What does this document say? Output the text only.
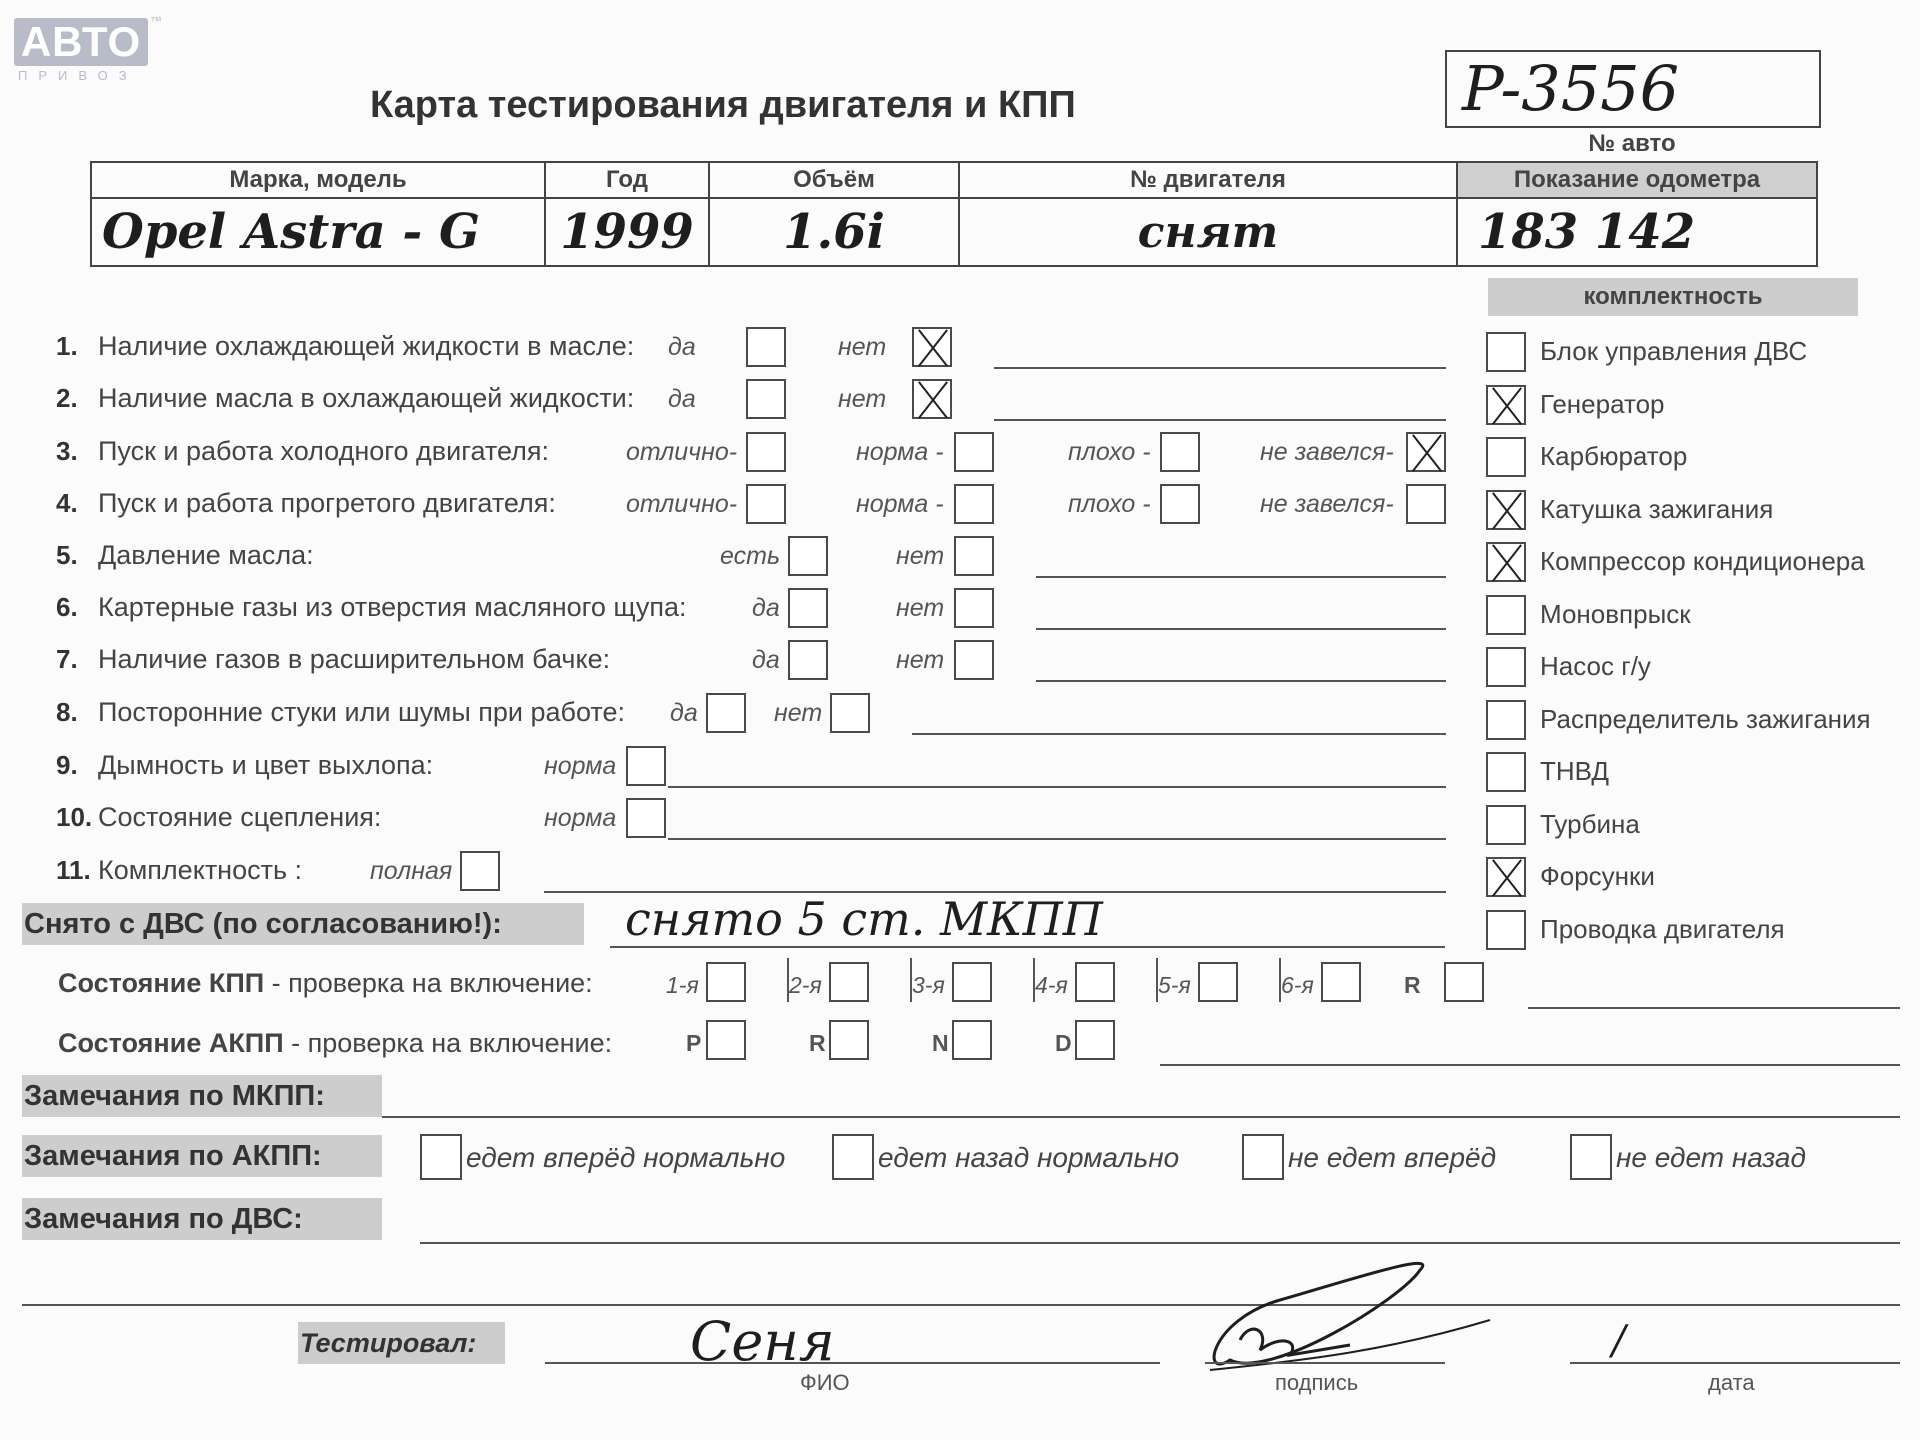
АВТО ™
ПРИВОЗ
Карта тестирования двигателя и КПП	P-3556
№ авто
Марка, модель	Год	Объём	№ двигателя	Показание одометра
Opel Astra - G	1999	1.6i	снят	183 142
1. Наличие охлаждающей жидкости в масле: да	нет
2. Наличие масла в охлаждающей жидкости: да	нет
3. Пуск и работа холодного двигателя:	отлично-	норма -	плохо -	не завелся-
4. Пуск и работа прогретого двигателя:	отлично-	норма -	плохо -	не завелся-
5. Давление масла:	есть	нет
6. Картерные газы из отверстия масляного щупа:	да	нет
7. Наличие газов в расширительном бачке:	да	нет
8. Посторонние стуки или шумы при работе: да	нет
9. Дымность и цвет выхлопа:	норма
10. Состояние сцепления:	норма
11. Комплектность :	полная
комплектность
Блок управления ДВС
Генератор
Карбюратор
Катушка зажигания
Компрессор кондиционера
Моновпрыск
Насос г/у
Распределитель зажигания
ТНВД
Турбина
Форсунки
Проводка двигателя
Снято с ДВС (по согласованию!):	снято 5 ст. МКПП
Состояние КПП - проверка на включение:	1-я	2-я	3-я	4-я	5-я	6-я	R
Состояние АКПП - проверка на включение:	P	R	N	D
Замечания по МКПП:
Замечания по АКПП:	едет вперёд нормально	едет назад нормально	не едет вперёд	не едет назад
Замечания по ДВС:
Тестировал:	Сеня
ФИО	подпись
/
дата
